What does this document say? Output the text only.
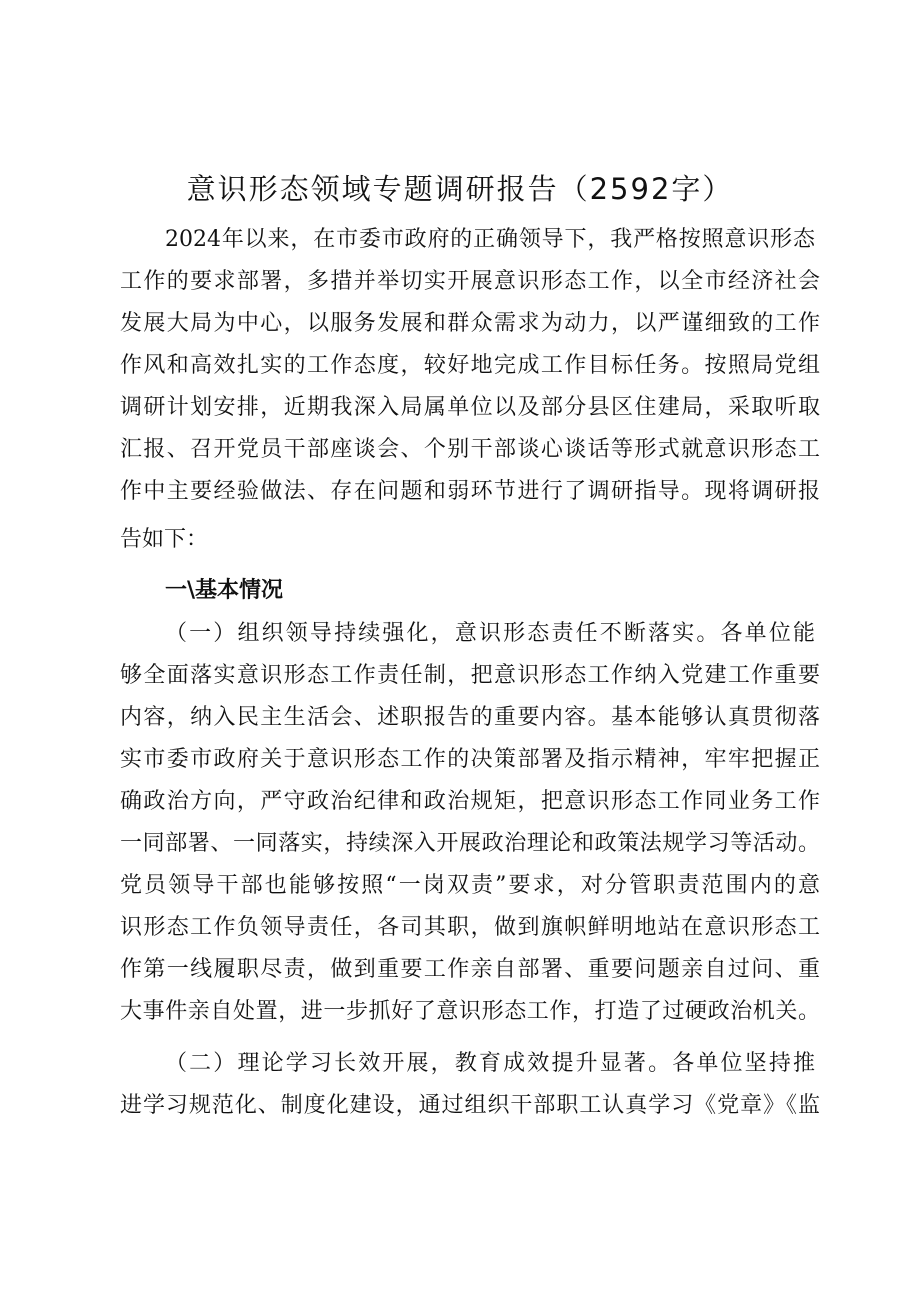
意识形态领域专题调研报告（2592字）
2024年以来，在市委市政府的正确领导下，我严格按照意识形态
工作的要求部署，多措并举切实开展意识形态工作，以全市经济社会
发展大局为中心，以服务发展和群众需求为动力，以严谨细致的工作
作风和高效扎实的工作态度，较好地完成工作目标任务。按照局党组
调研计划安排，近期我深入局属单位以及部分县区住建局，采取听取
汇报、召开党员干部座谈会、个别干部谈心谈话等形式就意识形态工
作中主要经验做法、存在问题和弱环节进行了调研指导。现将调研报
告如下：
一\基本情况
（一）组织领导持续强化，意识形态责任不断落实。各单位能
够全面落实意识形态工作责任制，把意识形态工作纳入党建工作重要
内容，纳入民主生活会、述职报告的重要内容。基本能够认真贯彻落
实市委市政府关于意识形态工作的决策部署及指示精神，牢牢把握正
确政治方向，严守政治纪律和政治规矩，把意识形态工作同业务工作
一同部署、一同落实，持续深入开展政治理论和政策法规学习等活动。
党员领导干部也能够按照“一岗双责”要求，对分管职责范围内的意
识形态工作负领导责任，各司其职，做到旗帜鲜明地站在意识形态工
作第一线履职尽责，做到重要工作亲自部署、重要问题亲自过问、重
大事件亲自处置，进一步抓好了意识形态工作，打造了过硬政治机关。
（二）理论学习长效开展，教育成效提升显著。各单位坚持推
进学习规范化、制度化建设，通过组织干部职工认真学习《党章》《监
